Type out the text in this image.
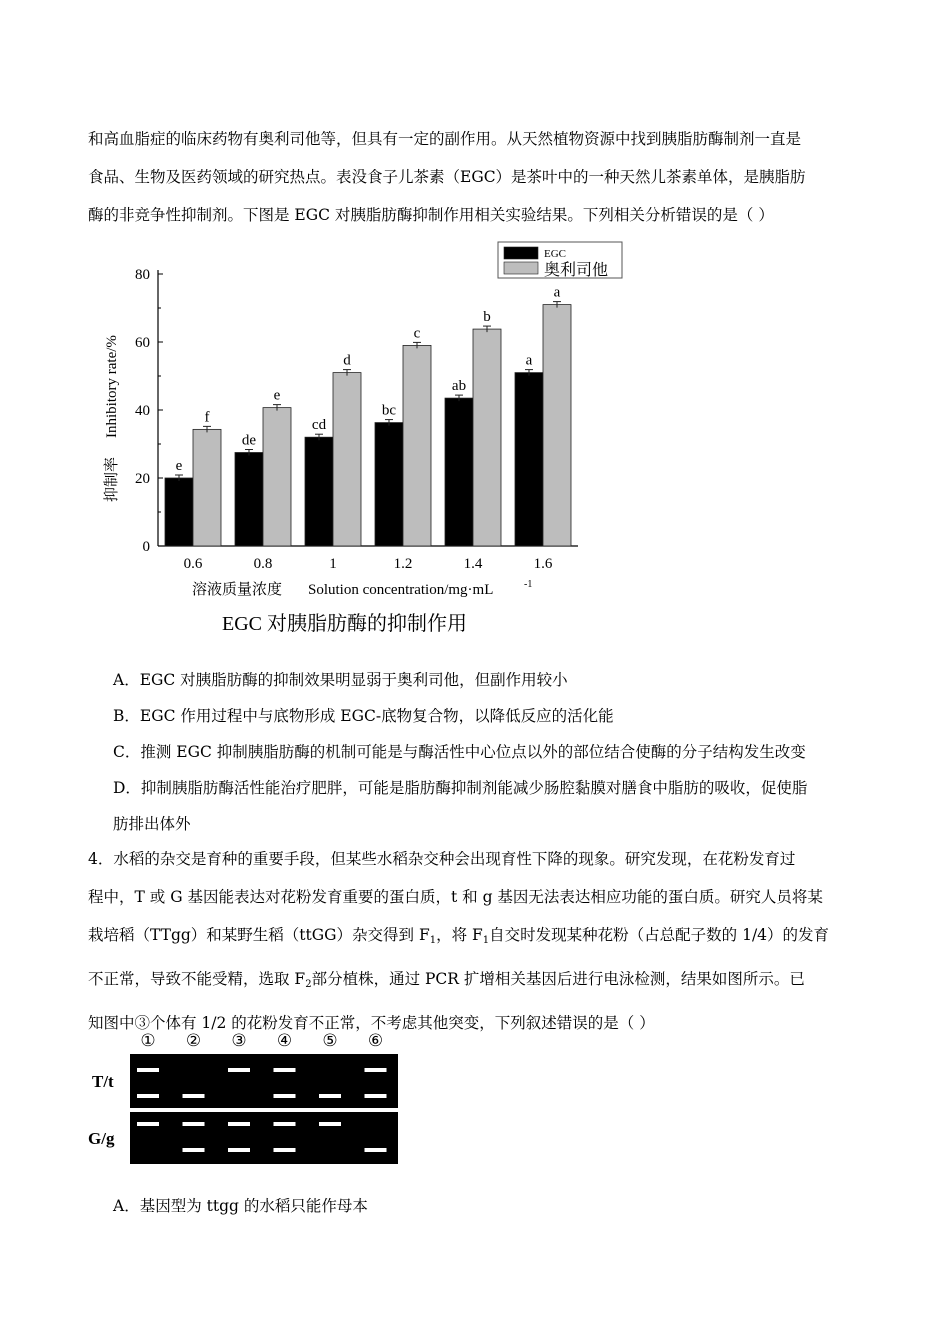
和高血脂症的临床药物有奥利司他等，但具有一定的副作用。从天然植物资源中找到胰脂肪酶制剂一直是
食品、生物及医药领域的研究热点。表没食子儿茶素（EGC）是茶叶中的一种天然儿茶素单体，是胰脂肪
酶的非竞争性抑制剂。下图是 EGC 对胰脂肪酶抑制作用相关实验结果。下列相关分析错误的是（ ）
0
20
40
60
80
e
f
0.6
de
e
0.8
cd
d
1
bc
c
1.2
ab
b
1.4
a
a
1.6
抑制率
Inhibitory rate/%
溶液质量浓度 Solution concentration/mg·mL	-1
EGC 对胰脂肪酶的抑制作用
EGC
奥利司他
A．EGC 对胰脂肪酶的抑制效果明显弱于奥利司他，但副作用较小
B．EGC 作用过程中与底物形成 EGC-底物复合物，以降低反应的活化能
C．推测 EGC 抑制胰脂肪酶的机制可能是与酶活性中心位点以外的部位结合使酶的分子结构发生改变
D．抑制胰脂肪酶活性能治疗肥胖，可能是脂肪酶抑制剂能减少肠腔黏膜对膳食中脂肪的吸收，促使脂
肪排出体外
4．水稻的杂交是育种的重要手段，但某些水稻杂交种会出现育性下降的现象。研究发现，在花粉发育过
程中，T 或 G 基因能表达对花粉发育重要的蛋白质，t 和 g 基因无法表达相应功能的蛋白质。研究人员将某
栽培稻（TTgg）和某野生稻（ttGG）杂交得到 $F_1$，将 $F_1$自交时发现某种花粉（占总配子数的 1/4）的发育
不正常，导致不能受精，选取 $F_2$部分植株，通过 PCR 扩增相关基因后进行电泳检测，结果如图所示。已
知图中③个体有 1/2 的花粉发育不正常，不考虑其他突变，下列叙述错误的是（ ）
① ② ③ ④ ⑤ ⑥
T/t
G/g
A．基因型为 ttgg 的水稻只能作母本
